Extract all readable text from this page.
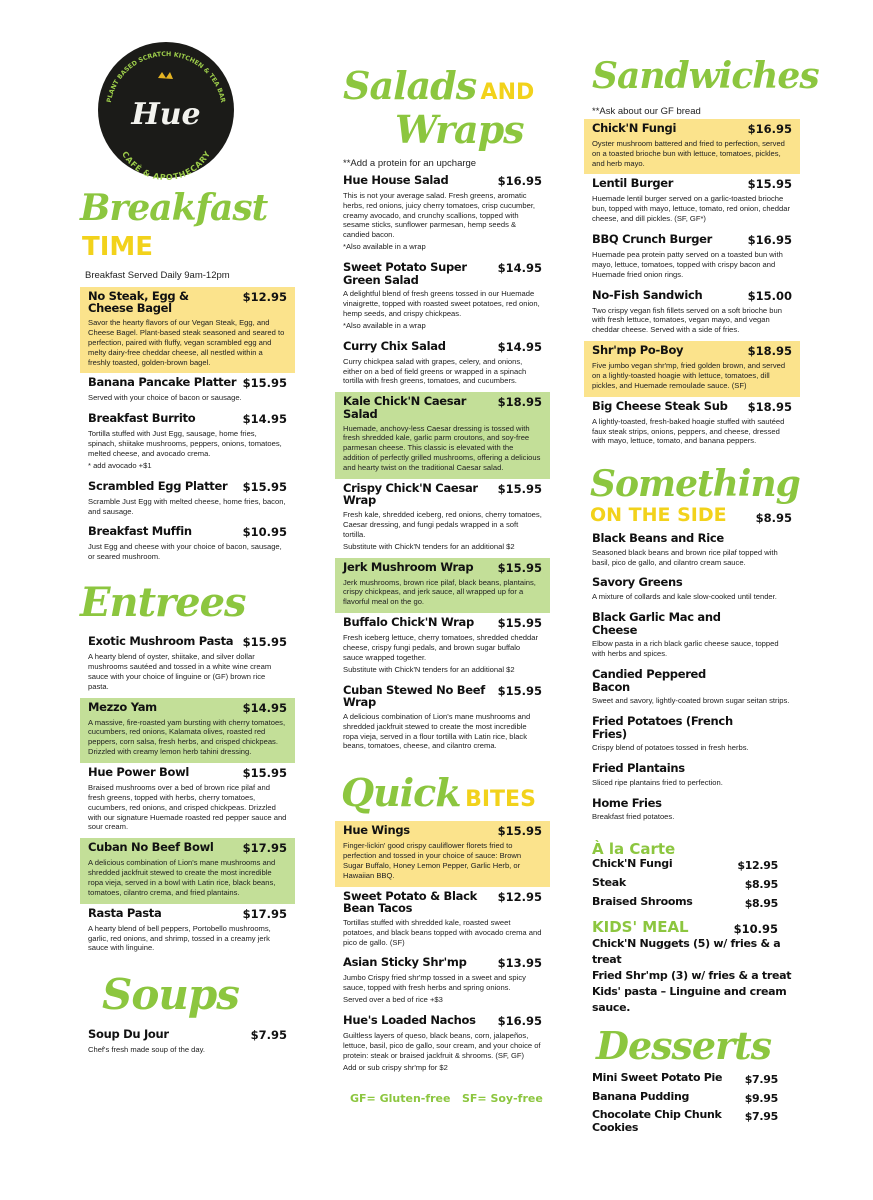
PLANT BASED SCRATCH KITCHEN & TEA BAR
CAFÉ & APOTHECARY
Hue
Breakfast
TIME
Breakfast Served Daily 9am-12pm
No Steak, Egg & Cheese Bagel
$12.95
Savor the hearty flavors of our Vegan Steak, Egg, and Cheese Bagel. Plant-based steak seasoned and seared to perfection, paired with fluffy, vegan scrambled egg and melty dairy-free cheddar cheese, all nestled within a freshly toasted, golden-brown bagel.
Banana Pancake Platter $15.95
Served with your choice of bacon or sausage.
Breakfast Burrito	$14.95
Tortilla stuffed with Just Egg, sausage, home fries, spinach, shiitake mushrooms, peppers, onions, tomatoes, melted cheese, and avocado crema.
* add avocado +$1
Scrambled Egg Platter $15.95
Scramble Just Egg with melted cheese, home fries, bacon, and sausage.
Breakfast Muffin	$10.95
Just Egg and cheese with your choice of bacon, sausage, or seared mushroom.
Entrees
Exotic Mushroom Pasta $15.95
A hearty blend of oyster, shiitake, and silver dollar mushrooms sautéed and tossed in a white wine cream sauce with your choice of linguine or (GF) brown rice pasta.
Mezzo Yam	$14.95
A massive, fire-roasted yam bursting with cherry tomatoes, cucumbers, red onions, Kalamata olives, roasted red peppers, corn salsa, fresh herbs, and crisped chickpeas. Drizzled with creamy lemon herb tahini dressing.
Hue Power Bowl	$15.95
Braised mushrooms over a bed of brown rice pilaf and fresh greens, topped with herbs, cherry tomatoes, cucumbers, red onions, and crisped chickpeas. Drizzled with our signature Huemade roasted red pepper sauce and sour cream.
Cuban No Beef Bowl	$17.95
A delicious combination of Lion's mane mushrooms and shredded jackfruit stewed to create the most incredible ropa vieja, served in a bowl with Latin rice, black beans, tomatoes, cilantro crema, and fried plantains.
Rasta Pasta	$17.95
A hearty blend of bell peppers, Portobello mushrooms, garlic, red onions, and shrimp, tossed in a creamy jerk sauce with linguine.
Soups
Soup Du Jour	$7.95
Chef's fresh made soup of the day.
Salads AND
Wraps
**Add a protein for an upcharge
Hue House Salad	$16.95
This is not your average salad. Fresh greens, aromatic herbs, red onions, juicy cherry tomatoes, crisp cucumber, creamy avocado, and crunchy scallions, topped with sesame sticks, sunflower parmesan, hemp seeds & candied bacon.
*Also available in a wrap
Sweet Potato Super Green Salad
$14.95
A delightful blend of fresh greens tossed in our Huemade vinaigrette, topped with roasted sweet potatoes, red onion, hemp seeds, and crispy chickpeas.
*Also available in a wrap
Curry Chix Salad	$14.95
Curry chickpea salad with grapes, celery, and onions, either on a bed of field greens or wrapped in a spinach tortilla with fresh greens, tomatoes, and cucumbers.
Kale Chick'N Caesar Salad
$18.95
Huemade, anchovy-less Caesar dressing is tossed with fresh shredded kale, garlic parm croutons, and soy-free parmesan cheese. This classic is elevated with the addition of perfectly grilled mushrooms, offering a delicious and hearty twist on the traditional Caesar salad.
Crispy Chick'N Caesar Wrap
$15.95
Fresh kale, shredded iceberg, red onions, cherry tomatoes, Caesar dressing, and fungi pedals wrapped in a soft tortilla.
Substitute with Chick'N tenders for an additional $2
Jerk Mushroom Wrap $15.95
Jerk mushrooms, brown rice pilaf, black beans, plantains, crispy chickpeas, and jerk sauce, all wrapped up for a flavorful meal on the go.
Buffalo Chick'N Wrap $15.95
Fresh iceberg lettuce, cherry tomatoes, shredded cheddar cheese, crispy fungi pedals, and brown sugar buffalo sauce wrapped together.
Substitute with Chick'N tenders for an additional $2
Cuban Stewed No Beef Wrap
$15.95
A delicious combination of Lion's mane mushrooms and shredded jackfruit stewed to create the most incredible ropa vieja, served in a flour tortilla with Latin rice, black beans, tomatoes, cheese, and cilantro crema.
Quick BITES
Hue Wings	$15.95
Finger-lickin' good crispy cauliflower florets fried to perfection and tossed in your choice of sauce: Brown Sugar Buffalo, Honey Lemon Pepper, Garlic Herb, or Hawaiian BBQ.
Sweet Potato & Black Bean Tacos
$12.95
Tortillas stuffed with shredded kale, roasted sweet potatoes, and black beans topped with avocado crema and pico de gallo. (SF)
Asian Sticky Shr'mp	$13.95
Jumbo Crispy fried shr'mp tossed in a sweet and spicy sauce, topped with fresh herbs and spring onions.
Served over a bed of rice +$3
Hue's Loaded Nachos $16.95
Guiltless layers of queso, black beans, corn, jalapeños, lettuce, basil, pico de gallo, sour cream, and your choice of protein: steak or braised jackfruit & shrooms. (SF, GF)
Add or sub crispy shr'mp for $2
GF= Gluten-free SF= Soy-free
Sandwiches
**Ask about our GF bread
Chick'N Fungi	$16.95
Oyster mushroom battered and fried to perfection, served on a toasted brioche bun with lettuce, tomatoes, pickles, and herb mayo.
Lentil Burger	$15.95
Huemade lentil burger served on a garlic-toasted brioche bun, topped with mayo, lettuce, tomato, red onion, cheddar cheese, and dill pickles. (SF, GF*)
BBQ Crunch Burger	$16.95
Huemade pea protein patty served on a toasted bun with mayo, lettuce, tomatoes, topped with crispy bacon and Huemade fried onion rings.
No-Fish Sandwich	$15.00
Two crispy vegan fish fillets served on a soft brioche bun with fresh lettuce, tomatoes, vegan mayo, and vegan cheddar cheese. Served with a side of fries.
Shr'mp Po-Boy	$18.95
Five jumbo vegan shr'mp, fried golden brown, and served on a lightly-toasted hoagie with lettuce, tomatoes, dill pickles, and Huemade remoulade sauce. (SF)
Big Cheese Steak Sub $18.95
A lightly-toasted, fresh-baked hoagie stuffed with sautéed faux steak strips, onions, peppers, and cheese, dressed with mayo, lettuce, tomato, and banana peppers.
Something
ON THE SIDE	$8.95
Black Beans and Rice
Seasoned black beans and brown rice pilaf topped with basil, pico de gallo, and cilantro cream sauce.
Savory Greens
A mixture of collards and kale slow-cooked until tender.
Black Garlic Mac and Cheese
Elbow pasta in a rich black garlic cheese sauce, topped with herbs and spices.
Candied Peppered Bacon
Sweet and savory, lightly-coated brown sugar seitan strips.
Fried Potatoes (French Fries)
Crispy blend of potatoes tossed in fresh herbs.
Fried Plantains
Sliced ripe plantains fried to perfection.
Home Fries
Breakfast fried potatoes.
À la Carte
Chick'N Fungi	$12.95
Steak	$8.95
Braised Shrooms	$8.95
KIDS' MEAL	$10.95
Chick'N Nuggets (5) w/ fries & a treat
Fried Shr'mp (3) w/ fries & a treat
Kids' pasta – Linguine and cream sauce.
Desserts
Mini Sweet Potato Pie $7.95
Banana Pudding	$9.95
Chocolate Chip Chunk Cookies
$7.95
